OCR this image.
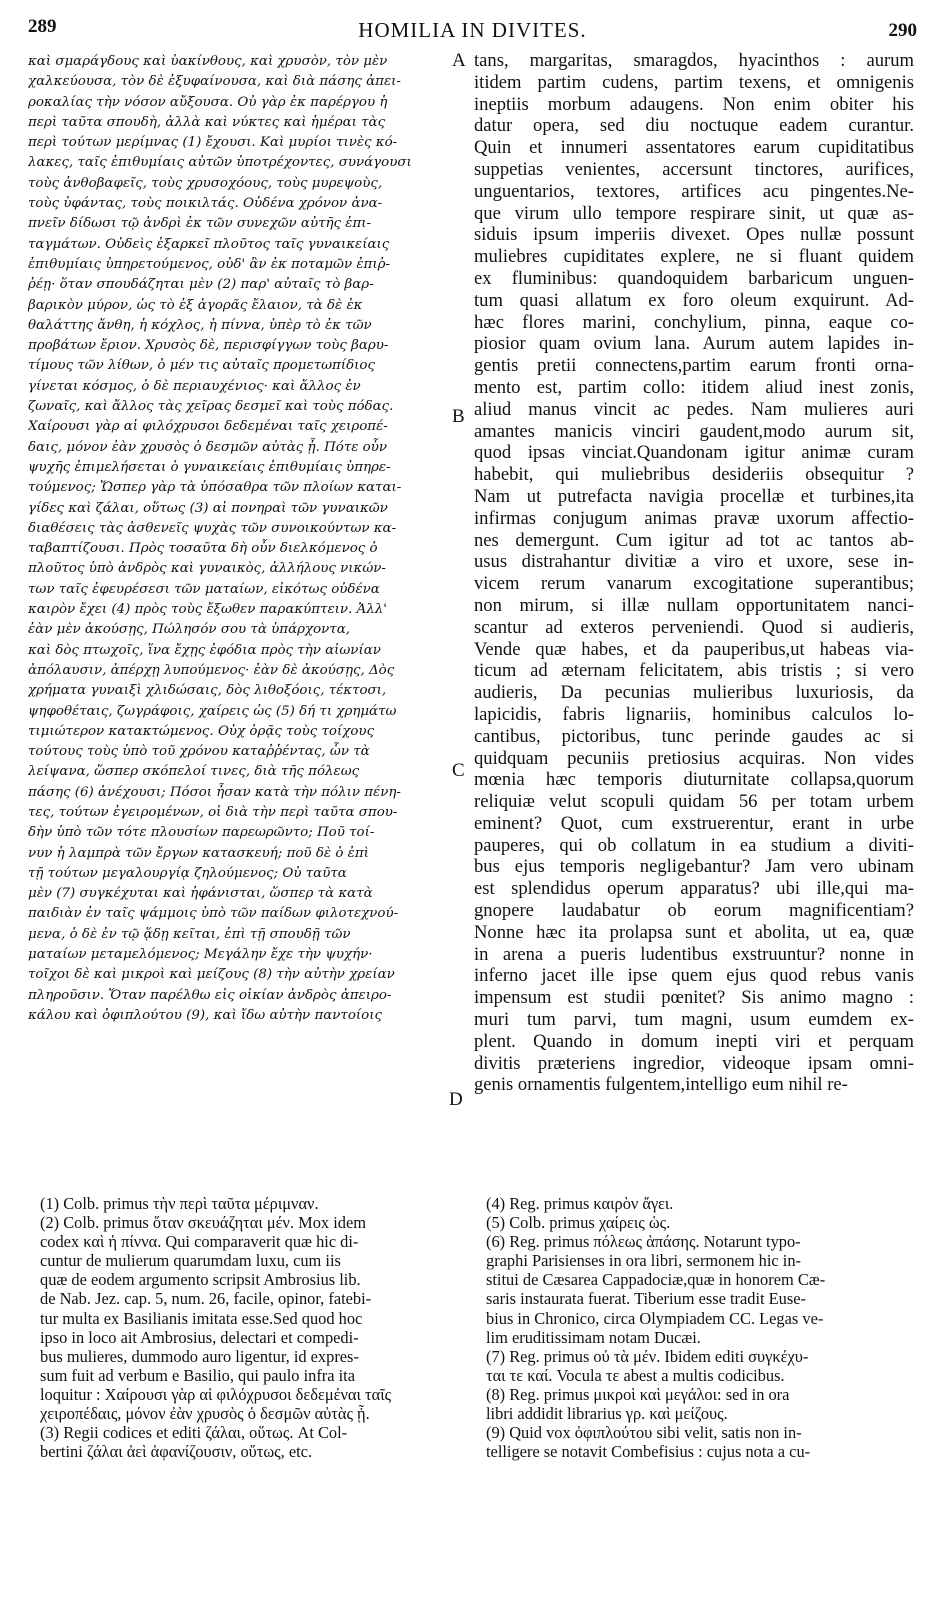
289	HOMILIA IN DIVITES.	290
καὶ σμαράγδους καὶ ὑακίνθους, καὶ χρυσὸν, τὸν μὲν
χαλκεύουσα, τὸν δὲ ἐξυφαίνουσα, καὶ διὰ πάσης ἀπει-
ροκαλίας τὴν νόσον αὔξουσα. Οὐ γὰρ ἐκ παρέργου ἡ
περὶ ταῦτα σπουδὴ, ἀλλὰ καὶ νύκτες καὶ ἡμέραι τὰς
περὶ τούτων μερίμνας (1) ἔχουσι. Καὶ μυρίοι τινὲς κό-
λακες, ταῖς ἐπιθυμίαις αὐτῶν ὑποτρέχοντες, συνάγουσι
τοὺς ἀνθοβαφεῖς, τοὺς χρυσοχόους, τοὺς μυρεψοὺς,
τοὺς ὑφάντας, τοὺς ποικιλτάς. Οὐδένα χρόνον ἀνα-
πνεῖν δίδωσι τῷ ἀνδρὶ ἐκ τῶν συνεχῶν αὐτῆς ἐπι-
ταγμάτων. Οὐδεὶς ἐξαρκεῖ πλοῦτος ταῖς γυναικείαις
ἐπιθυμίαις ὑπηρετούμενος, οὐδ' ἂν ἐκ ποταμῶν ἐπιῤ-
ῥέῃ· ὅταν σπουδάζηται μὲν (2) παρ' αὐταῖς τὸ βαρ-
βαρικὸν μύρον, ὡς τὸ ἐξ ἀγορᾶς ἔλαιον, τὰ δὲ ἐκ
θαλάττης ἄνθη, ἡ κόχλος, ἡ πίννα, ὑπὲρ τὸ ἐκ τῶν
προβάτων ἔριον. Χρυσὸς δὲ, περισφίγγων τοὺς βαρυ-
τίμους τῶν λίθων, ὁ μέν τις αὐταῖς προμετωπίδιος
γίνεται κόσμος, ὁ δὲ περιαυχένιος· καὶ ἄλλος ἐν
ζωναῖς, καὶ ἄλλος τὰς χεῖρας δεσμεῖ καὶ τοὺς πόδας.
Χαίρουσι γὰρ αἱ φιλόχρυσοι δεδεμέναι ταῖς χειροπέ-
δαις, μόνον ἐὰν χρυσὸς ὁ δεσμῶν αὐτὰς ᾖ. Πότε οὖν
ψυχῆς ἐπιμελήσεται ὁ γυναικείαις ἐπιθυμίαις ὑπηρε-
τούμενος; Ὥσπερ γὰρ τὰ ὑπόσαθρα τῶν πλοίων καται-
γίδες καὶ ζάλαι, οὕτως (3) αἱ πονηραὶ τῶν γυναικῶν
διαθέσεις τὰς ἀσθενεῖς ψυχὰς τῶν συνοικούντων κα-
ταβαπτίζουσι. Πρὸς τοσαῦτα δὴ οὖν διελκόμενος ὁ
πλοῦτος ὑπὸ ἀνδρὸς καὶ γυναικὸς, ἀλλήλους νικών-
των ταῖς ἐφευρέσεσι τῶν ματαίων, εἰκότως οὐδένα
καιρὸν ἔχει (4) πρὸς τοὺς ἔξωθεν παρακύπτειν. Ἀλλ'
ἐὰν μὲν ἀκούσῃς, Πώλησόν σου τὰ ὑπάρχοντα,
καὶ δὸς πτωχοῖς, ἵνα ἔχῃς ἐφόδια πρὸς τὴν αἰωνίαν
ἀπόλαυσιν, ἀπέρχῃ λυπούμενος· ἐὰν δὲ ἀκούσῃς, Δὸς
χρήματα γυναιξὶ χλιδώσαις, δὸς λιθοξόοις, τέκτοσι,
ψηφοθέταις, ζωγράφοις, χαίρεις ὡς (5) δή τι χρημάτω
τιμιώτερον κατακτώμενος. Οὐχ ὁρᾷς τοὺς τοίχους
τούτους τοὺς ὑπὸ τοῦ χρόνου καταῤῥέντας, ὧν τὰ
λείψανα, ὥσπερ σκόπελοί τινες, διὰ τῆς πόλεως
πάσης (6) ἀνέχουσι; Πόσοι ἦσαν κατὰ τὴν πόλιν πένη-
τες, τούτων ἐγειρομένων, οἱ διὰ τὴν περὶ ταῦτα σπου-
δὴν ὑπὸ τῶν τότε πλουσίων παρεωρῶντο; Ποῦ τοί-
νυν ἡ λαμπρὰ τῶν ἔργων κατασκευή; ποῦ δὲ ὁ ἐπὶ
τῇ τούτων μεγαλουργίᾳ ζηλούμενος; Οὐ ταῦτα
μὲν (7) συγκέχυται καὶ ἠφάνισται, ὥσπερ τὰ κατὰ
παιδιὰν ἐν ταῖς ψάμμοις ὑπὸ τῶν παίδων φιλοτεχνού-
μενα, ὁ δὲ ἐν τῷ ᾅδῃ κεῖται, ἐπὶ τῇ σπουδῇ τῶν
ματαίων μεταμελόμενος; Μεγάλην ἔχε τὴν ψυχήν·
τοῖχοι δὲ καὶ μικροὶ καὶ μείζους (8) τὴν αὐτὴν χρείαν
πληροῦσιν. Ὅταν παρέλθω εἰς οἰκίαν ἀνδρὸς ἀπειρο-
κάλου καὶ ὀφιπλούτου (9), καὶ ἴδω αὐτὴν παντοίοις
tans, margaritas, smaragdos, hyacinthos : aurum
itidem partim cudens, partim texens, et omnigenis
ineptiis morbum adaugens. Non enim obiter his
datur opera, sed diu noctuque eadem curantur.
Quin et innumeri assentatores earum cupiditatibus
suppetias venientes, accersunt tinctores, aurifices,
unguentarios, textores, artifices acu pingentes.Ne-
que virum ullo tempore respirare sinit, ut quæ as-
siduis ipsum imperiis divexet. Opes nullæ possunt
muliebres cupiditates explere, ne si fluant quidem
ex fluminibus: quandoquidem barbaricum unguen-
tum quasi allatum ex foro oleum exquirunt. Ad-
hæc flores marini, conchylium, pinna, eaque co-
piosior quam ovium lana. Aurum autem lapides in-
gentis pretii connectens,partim earum fronti orna-
mento est, partim collo: itidem aliud inest zonis,
aliud manus vincit ac pedes. Nam mulieres auri
amantes manicis vinciri gaudent,modo aurum sit,
quod ipsas vinciat.Quandonam igitur animæ curam
habebit, qui muliebribus desideriis obsequitur ?
Nam ut putrefacta navigia procellæ et turbines,ita
infirmas conjugum animas pravæ uxorum affectio-
nes demergunt. Cum igitur ad tot ac tantos ab-
usus distrahantur divitiæ a viro et uxore, sese in-
vicem rerum vanarum excogitatione superantibus;
non mirum, si illæ nullam opportunitatem nanci-
scantur ad exteros perveniendi. Quod si audieris,
Vende quæ habes, et da pauperibus,ut habeas via-
ticum ad æternam felicitatem, abis tristis ; si vero
audieris, Da pecunias mulieribus luxuriosis, da
lapicidis, fabris lignariis, hominibus calculos lo-
cantibus, pictoribus, tunc perinde gaudes ac si
quidquam pecuniis pretiosius acquiras. Non vides
mœnia hæc temporis diuturnitate collapsa,quorum
reliquiæ velut scopuli quidam 56 per totam urbem
eminent? Quot, cum exstruerentur, erant in urbe
pauperes, qui ob collatum in ea studium a diviti-
bus ejus temporis negligebantur? Jam vero ubinam
est splendidus operum apparatus? ubi ille,qui ma-
gnopere laudabatur ob eorum magnificentiam?
Nonne hæc ita prolapsa sunt et abolita, ut ea, quæ
in arena a pueris ludentibus exstruuntur? nonne in
inferno jacet ille ipse quem ejus quod rebus vanis
impensum est studii pœnitet? Sis animo magno :
muri tum parvi, tum magni, usum eumdem ex-
plent. Quando in domum inepti viri et perquam
divitis præteriens ingredior, videoque ipsam omni-
genis ornamentis fulgentem,intelligo eum nihil re-
A
B
C
D
(1) Colb. primus τὴν περὶ ταῦτα μέριμναν.
(2) Colb. primus ὅταν σκευάζηται μέν. Mox idem
codex καὶ ἡ πίννα. Qui comparaverit quæ hic di-
cuntur de mulierum quarumdam luxu, cum iis
quæ de eodem argumento scripsit Ambrosius lib.
de Nab. Jez. cap. 5, num. 26, facile, opinor, fatebi-
tur multa ex Basilianis imitata esse.Sed quod hoc
ipso in loco ait Ambrosius, delectari et compedi-
bus mulieres, dummodo auro ligentur, id expres-
sum fuit ad verbum e Basilio, qui paulo infra ita
loquitur : Χαίρουσι γὰρ αἱ φιλόχρυσοι δεδεμέναι ταῖς
χειροπέδαις, μόνον ἐὰν χρυσὸς ὁ δεσμῶν αὐτὰς ᾖ.
(3) Regii codices et editi ζάλαι, οὕτως. At Col-
bertini ζάλαι ἀεὶ ἀφανίζουσιν, οὕτως, etc.
(4) Reg. primus καιρὸν ἄγει.
(5) Colb. primus χαίρεις ὡς.
(6) Reg. primus πόλεως ἁπάσης. Notarunt typo-
graphi Parisienses in ora libri, sermonem hic in-
stitui de Cæsarea Cappadociæ,quæ in honorem Cæ-
saris instaurata fuerat. Tiberium esse tradit Euse-
bius in Chronico, circa Olympiadem CC. Legas ve-
lim eruditissimam notam Ducæi.
(7) Reg. primus οὐ τὰ μέν. Ibidem editi συγκέχυ-
ται τε καί. Vocula τε abest a multis codicibus.
(8) Reg. primus μικροὶ καὶ μεγάλοι: sed in ora
libri addidit librarius γρ. καὶ μείζους.
(9) Quid vox ὀφιπλούτου sibi velit, satis non in-
telligere se notavit Combefisius : cujus nota a cu-
